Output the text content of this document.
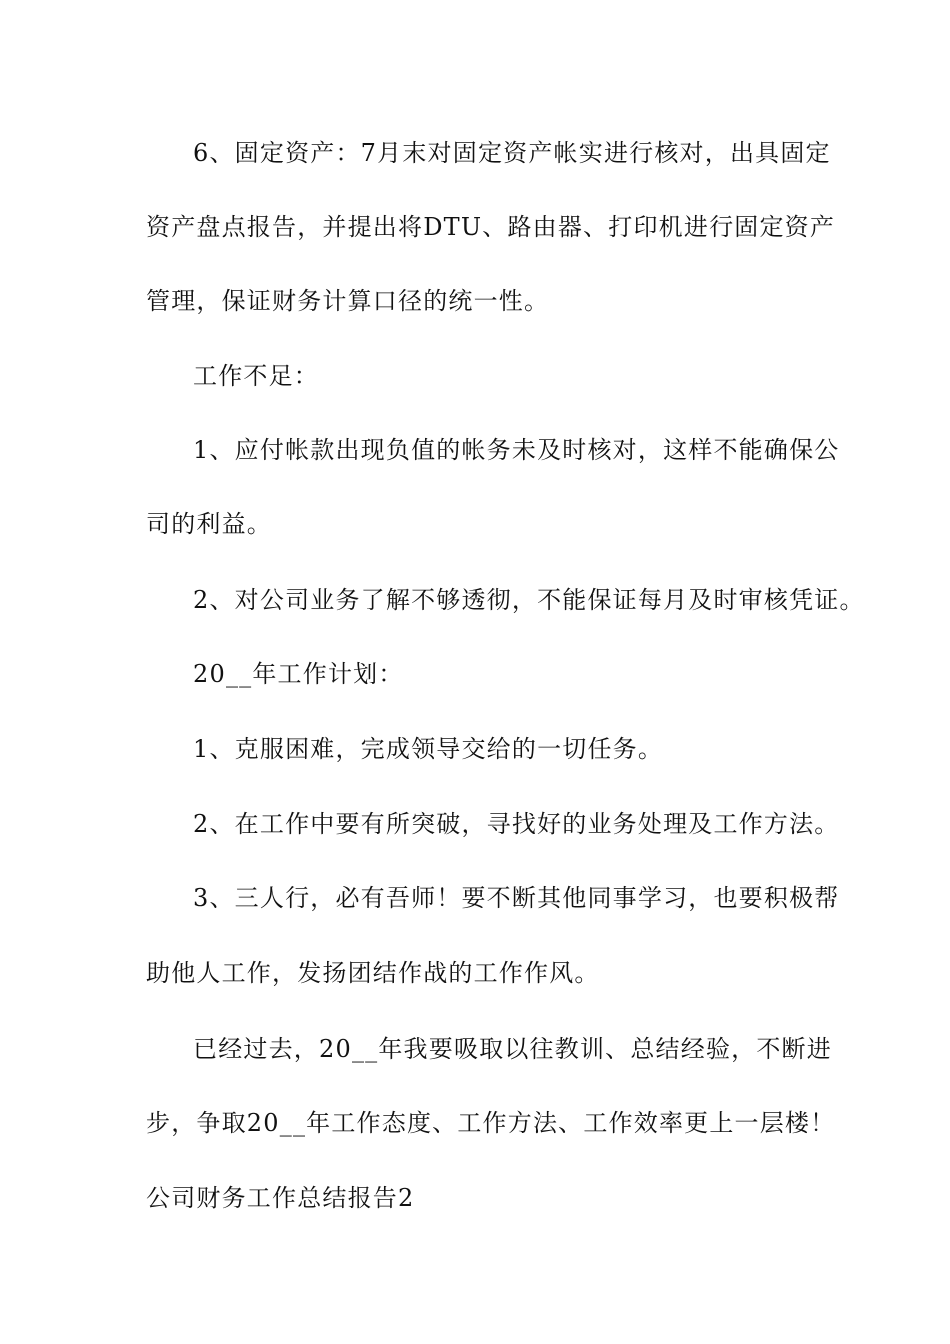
6、固定资产：7月末对固定资产帐实进行核对，出具固定
资产盘点报告，并提出将DTU、路由器、打印机进行固定资产
管理，保证财务计算口径的统一性。
工作不足：
1、应付帐款出现负值的帐务未及时核对，这样不能确保公
司的利益。
2、对公司业务了解不够透彻，不能保证每月及时审核凭证。
20__年工作计划：
1、克服困难，完成领导交给的一切任务。
2、在工作中要有所突破，寻找好的业务处理及工作方法。
3、三人行，必有吾师！要不断其他同事学习，也要积极帮
助他人工作，发扬团结作战的工作作风。
已经过去，20__年我要吸取以往教训、总结经验，不断进
步，争取20__年工作态度、工作方法、工作效率更上一层楼！
公司财务工作总结报告2
